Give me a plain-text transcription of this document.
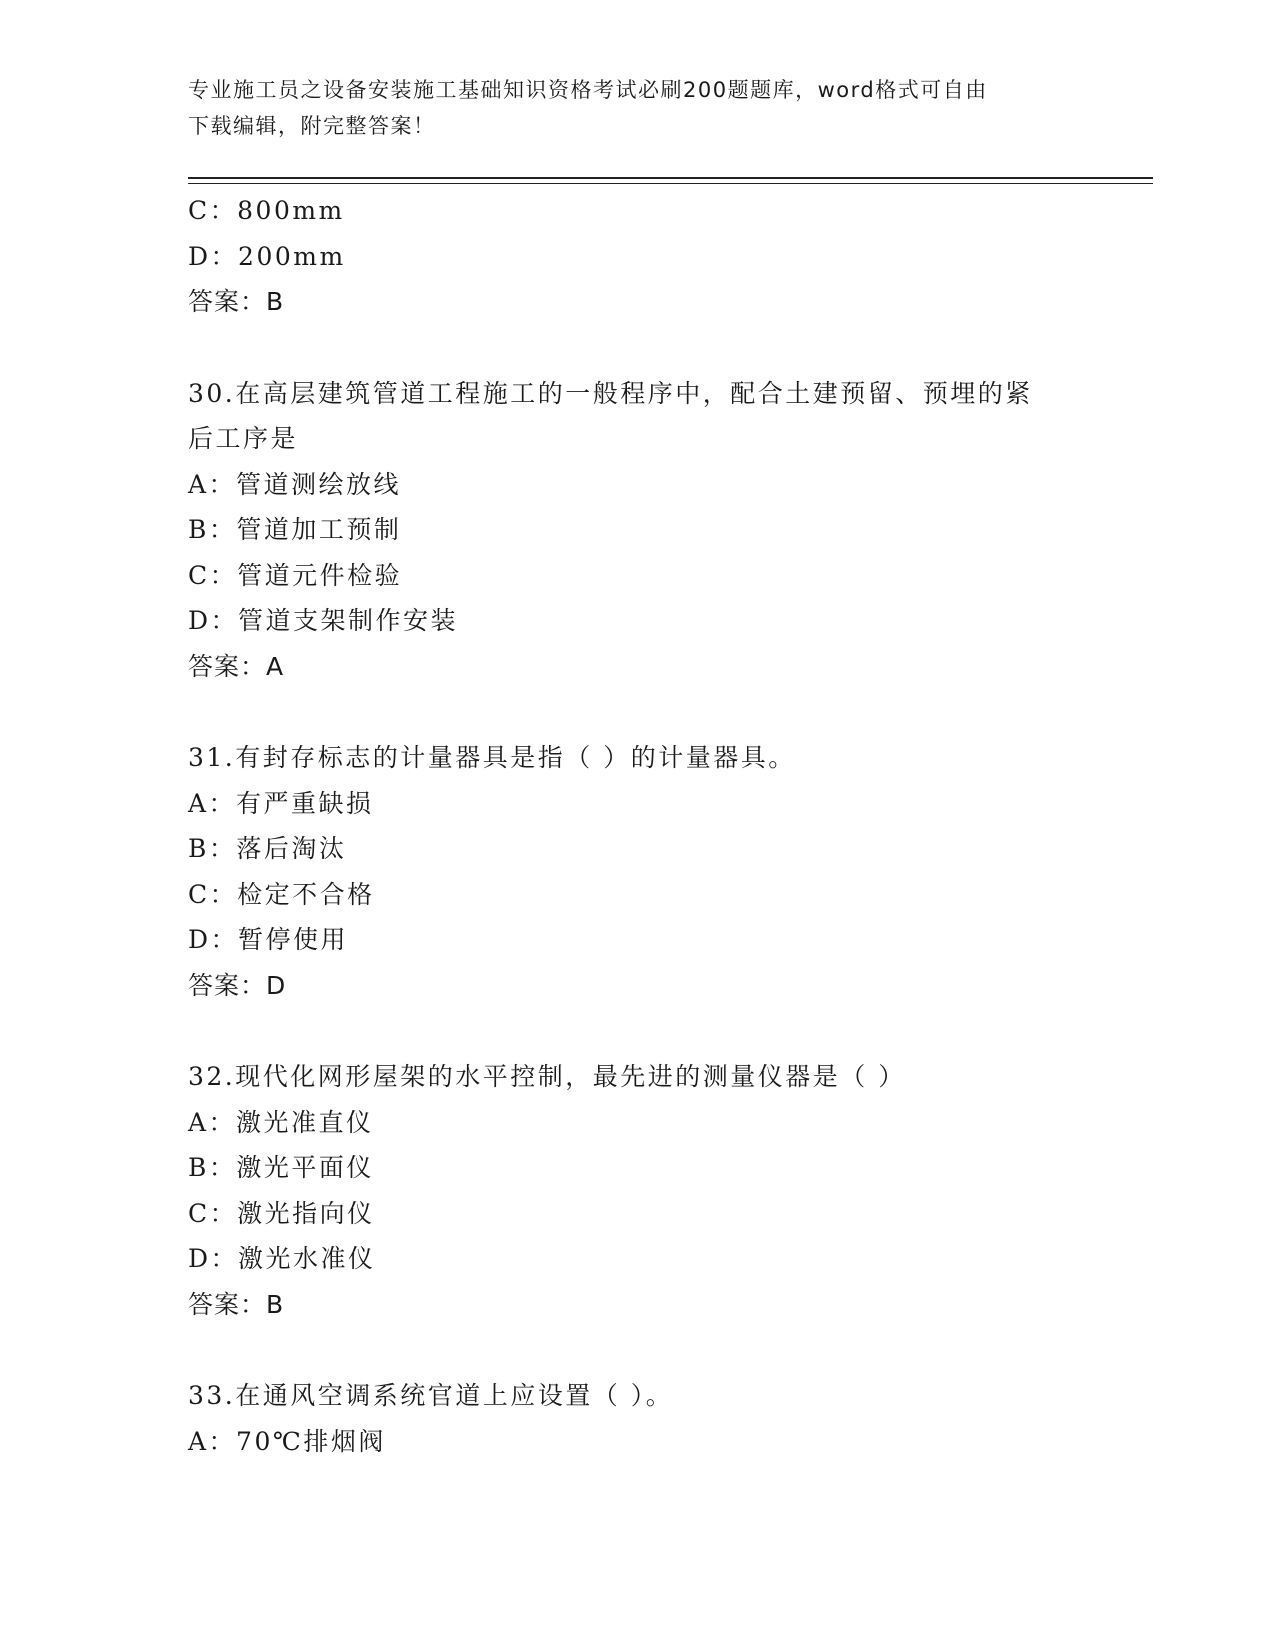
专业施工员之设备安装施工基础知识资格考试必刷200题题库，word格式可自由
下载编辑，附完整答案！
C：800mm
D：200mm
答案：B
30.在高层建筑管道工程施工的一般程序中，配合土建预留、预埋的紧
后工序是
A：管道测绘放线
B：管道加工预制
C：管道元件检验
D：管道支架制作安装
答案：A
31.有封存标志的计量器具是指（ ）的计量器具。
A：有严重缺损
B：落后淘汰
C：检定不合格
D：暂停使用
答案：D
32.现代化网形屋架的水平控制，最先进的测量仪器是（ ）
A：激光准直仪
B：激光平面仪
C：激光指向仪
D：激光水准仪
答案：B
33.在通风空调系统官道上应设置（ ）。
A：70℃排烟阀
